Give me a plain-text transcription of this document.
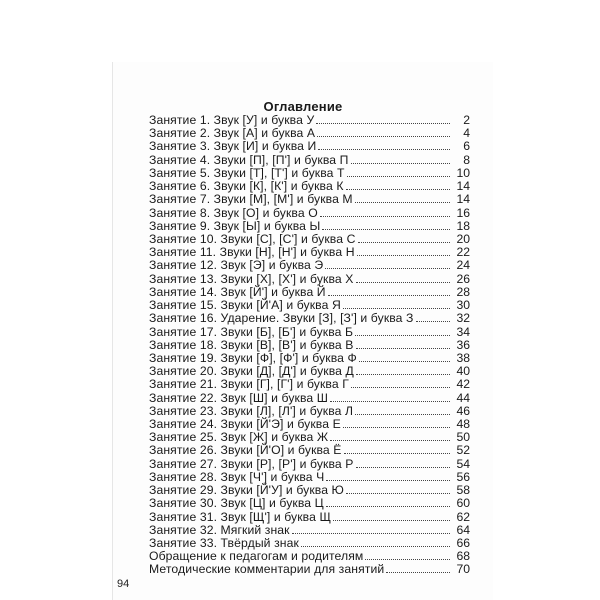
Оглавление
Занятие 1. Звук [У] и буква У	2
Занятие 2. Звук [А] и буква А	4
Занятие 3. Звук [И] и буква И	6
Занятие 4. Звуки [П], [П'] и буква П	8
Занятие 5. Звуки [Т], [Т'] и буква Т	10
Занятие 6. Звуки [К], [К'] и буква К	14
Занятие 7. Звуки [М], [М'] и буква М	14
Занятие 8. Звук [О] и буква О	16
Занятие 9. Звук [Ы] и буква Ы	18
Занятие 10. Звуки [С], [С'] и буква С	20
Занятие 11. Звуки [Н], [Н'] и буква Н	22
Занятие 12. Звук [Э] и буква Э	24
Занятие 13. Звуки [Х], [Х'] и буква Х	26
Занятие 14. Звук [Й'] и буква Й	28
Занятие 15. Звуки [Й'А] и буква Я	30
Занятие 16. Ударение. Звуки [З], [З'] и буква З	32
Занятие 17. Звуки [Б], [Б'] и буква Б	34
Занятие 18. Звуки [В], [В'] и буква В	36
Занятие 19. Звуки [Ф], [Ф'] и буква Ф	38
Занятие 20. Звуки [Д], [Д'] и буква Д	40
Занятие 21. Звуки [Г], [Г'] и буква Г	42
Занятие 22. Звук [Ш] и буква Ш	44
Занятие 23. Звуки [Л], [Л'] и буква Л	46
Занятие 24. Звуки [Й'Э] и буква Е	48
Занятие 25. Звук [Ж] и буква Ж	50
Занятие 26. Звуки [Й'О] и буква Ё	52
Занятие 27. Звуки [Р], [Р'] и буква Р	54
Занятие 28. Звук [Ч'] и буква Ч	56
Занятие 29. Звуки [Й'У] и буква Ю	58
Занятие 30. Звук [Ц] и буква Ц	60
Занятие 31. Звук [Щ'] и буква Щ	62
Занятие 32. Мягкий знак	64
Занятие 33. Твёрдый знак	66
Обращение к педагогам и родителям	68
Методические комментарии для занятий	70
94
